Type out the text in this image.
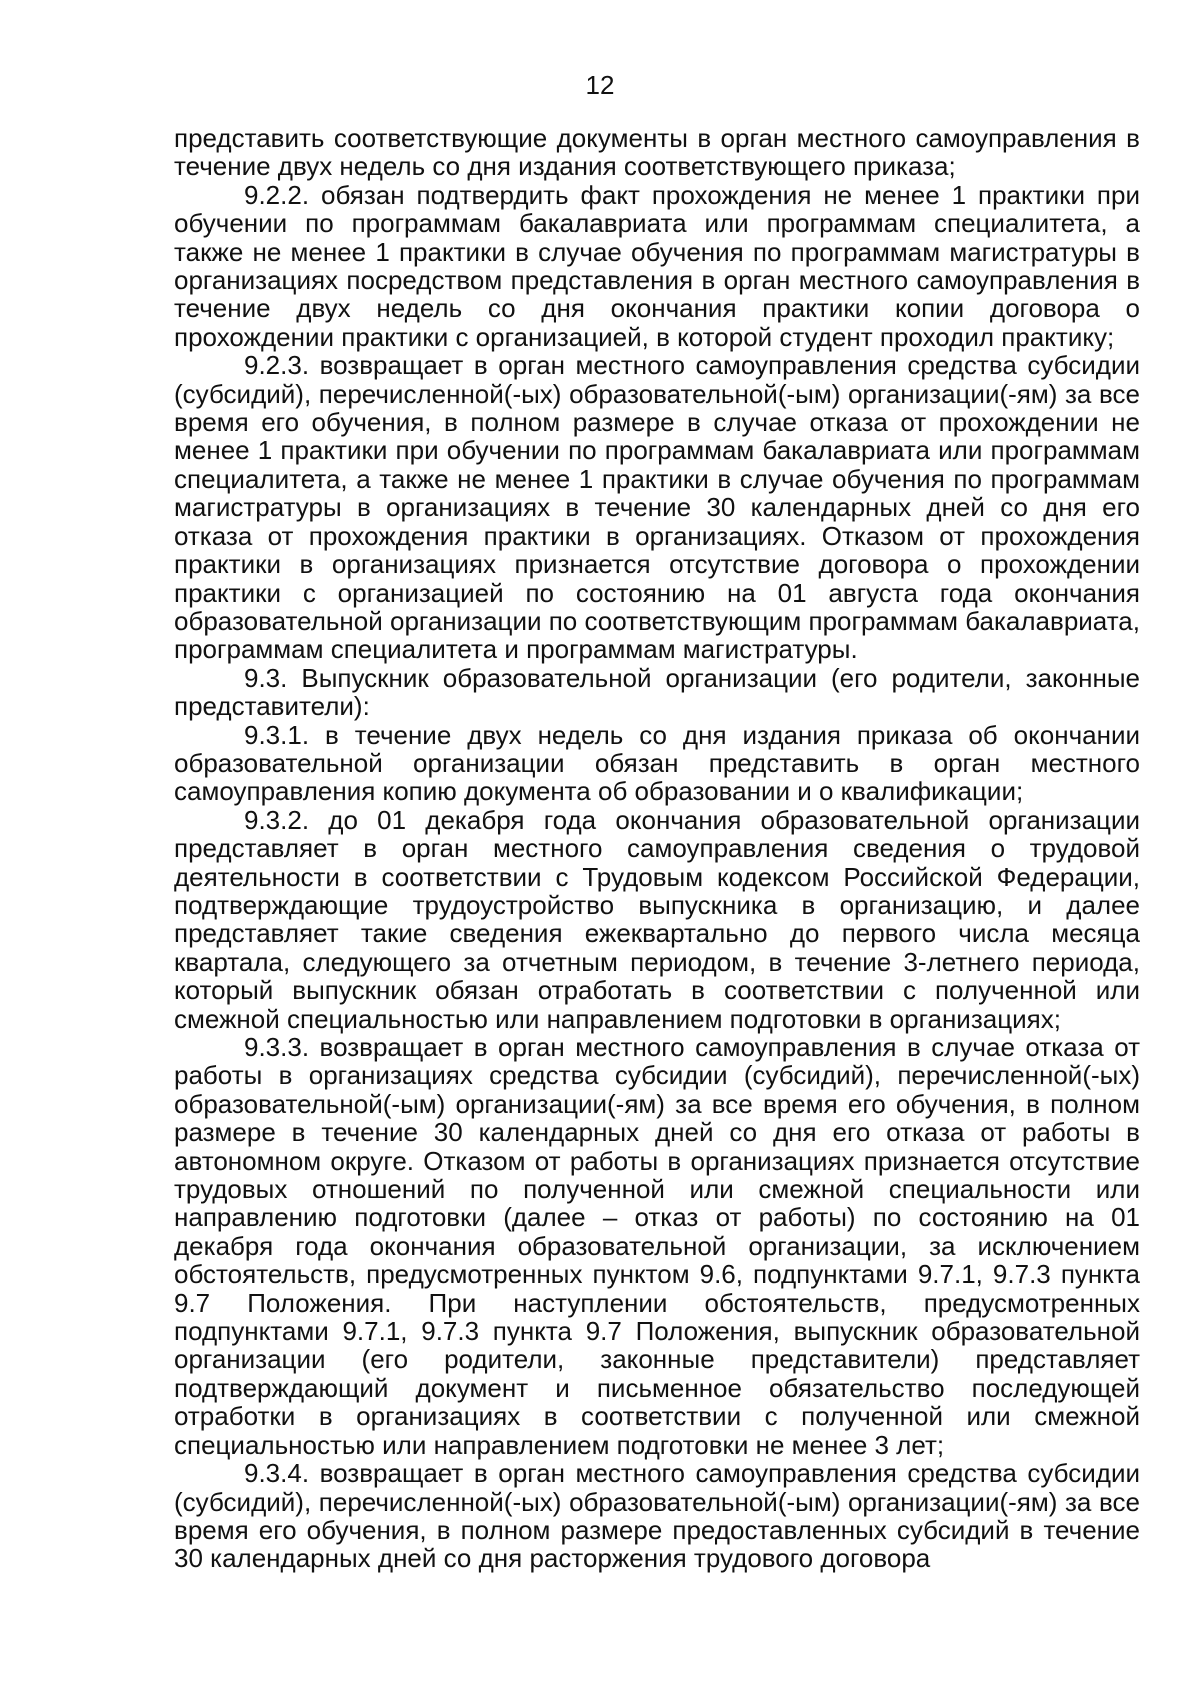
12

представить соответствующие документы в орган местного самоуправления в течение двух недель со дня издания соответствующего приказа;

9.2.2. обязан подтвердить факт прохождения не менее 1 практики при обучении по программам бакалавриата или программам специалитета, а также не менее 1 практики в случае обучения по программам магистратуры в организациях посредством представления в орган местного самоуправления в течение двух недель со дня окончания практики копии договора о прохождении практики с организацией, в которой студент проходил практику;

9.2.3. возвращает в орган местного самоуправления средства субсидии (субсидий), перечисленной(-ых) образовательной(-ым) организации(-ям) за все время его обучения, в полном размере в случае отказа от прохождении не менее 1 практики при обучении по программам бакалавриата или программам специалитета, а также не менее 1 практики в случае обучения по программам магистратуры в организациях в течение 30 календарных дней со дня его отказа от прохождения практики в организациях. Отказом от прохождения практики в организациях признается отсутствие договора о прохождении практики с организацией по состоянию на 01 августа года окончания образовательной организации по соответствующим программам бакалавриата, программам специалитета и программам магистратуры.

9.3. Выпускник образовательной организации (его родители, законные представители):

9.3.1. в течение двух недель со дня издания приказа об окончании образовательной организации обязан представить в орган местного самоуправления копию документа об образовании и о квалификации;

9.3.2. до 01 декабря года окончания образовательной организации представляет в орган местного самоуправления сведения о трудовой деятельности в соответствии с Трудовым кодексом Российской Федерации, подтверждающие трудоустройство выпускника в организацию, и далее представляет такие сведения ежеквартально до первого числа месяца квартала, следующего за отчетным периодом, в течение 3-летнего периода, который выпускник обязан отработать в соответствии с полученной или смежной специальностью или направлением подготовки в организациях;

9.3.3. возвращает в орган местного самоуправления в случае отказа от работы в организациях средства субсидии (субсидий), перечисленной(-ых) образовательной(-ым) организации(-ям) за все время его обучения, в полном размере в течение 30 календарных дней со дня его отказа от работы в автономном округе. Отказом от работы в организациях признается отсутствие трудовых отношений по полученной или смежной специальности или направлению подготовки (далее – отказ от работы) по состоянию на 01 декабря года окончания образовательной организации, за исключением обстоятельств, предусмотренных пунктом 9.6, подпунктами 9.7.1, 9.7.3 пункта 9.7 Положения. При наступлении обстоятельств, предусмотренных подпунктами 9.7.1, 9.7.3 пункта 9.7 Положения, выпускник образовательной организации (его родители, законные представители) представляет подтверждающий документ и письменное обязательство последующей отработки в организациях в соответствии с полученной или смежной специальностью или направлением подготовки не менее 3 лет;

9.3.4. возвращает в орган местного самоуправления средства субсидии (субсидий), перечисленной(-ых) образовательной(-ым) организации(-ям) за все время его обучения, в полном размере предоставленных субсидий в течение 30 календарных дней со дня расторжения трудового договора
